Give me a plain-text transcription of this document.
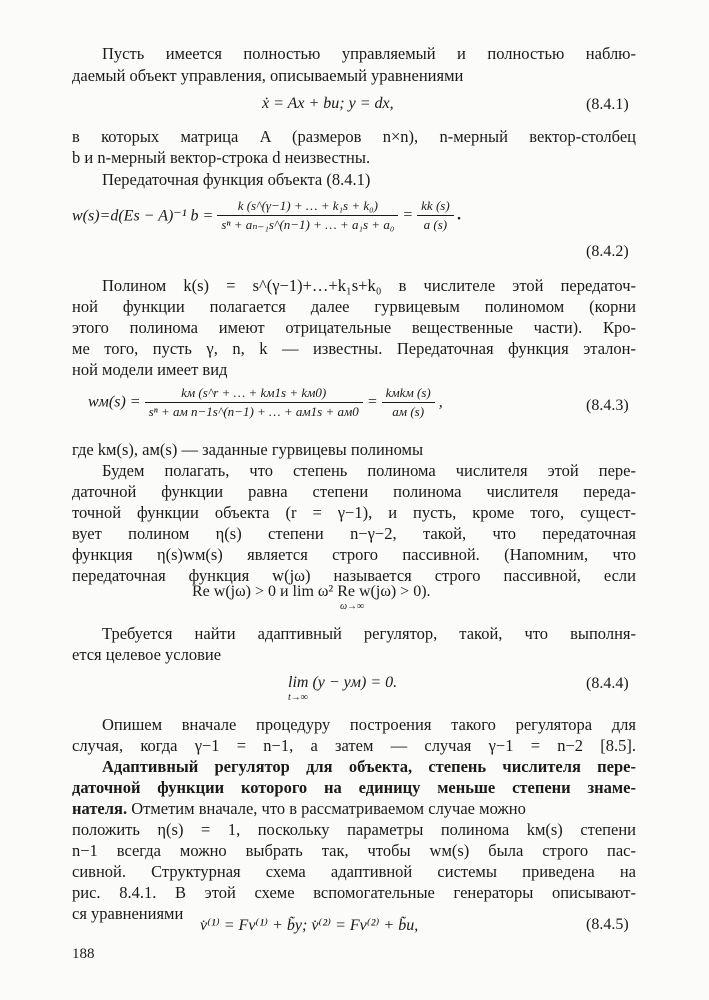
Пусть имеется полностью управляемый и полностью наблю-
даемый объект управления, описываемый уравнениями
ẋ = Ax + bu; y = dx,	(8.4.1)
в которых матрица A (размеров n×n), n-мерный вектор-столбец
b и n-мерный вектор-строка d неизвестны.
Передаточная функция объекта (8.4.1)
w(s)=d(Es − A)⁻¹ $b = \frac{\text{k (s\textasciicircum{}(γ−1) + … + k₁s + k₀)}}{\text{sⁿ + aₙ₋₁s\textasciicircum{}(n−1) + … + a₁s + a₀}} = \frac{kk (s)}{a (s)}$ .
(8.4.2)
Полином k(s) = s^(γ−1)+…+k₁s+k₀ в числителе этой передаточ-
ной функции полагается далее гурвицевым полиномом (корни
этого полинома имеют отрицательные вещественные части). Кро-
ме того, пусть γ, n, k — известны. Передаточная функция эталон-
ной модели имеет вид
$wм(s) = \frac{kм (s\^{}r + \dots + kм1s + kм0)}{\text{sⁿ + aм n−1s\textasciicircum{}(n−1) + … + aм1s + aм0}} = \frac{\text{kмkм (s)}}{aм (s)}$ ,	(8.4.3)
где kм(s), aм(s) — заданные гурвицевы полиномы
Будем полагать, что степень полинома числителя этой пере-
даточной функции равна степени полинома числителя переда-
точной функции объекта (r = γ−1), и пусть, кроме того, сущест-
вует полином η(s) степени n−γ−2, такой, что передаточная
функция η(s)wм(s) является строго пассивной. (Напомним, что
передаточная функция w(jω) называется строго пассивной, если
Re w(jω) > 0 и lim ω² Re w(jω) > 0).
ω→∞
Требуется найти адаптивный регулятор, такой, что выполня-
ется целевое условие
lim (y − yм) = 0.
t→∞
(8.4.4)
Опишем вначале процедуру построения такого регулятора для
случая, когда γ−1 = n−1, а затем — случая γ−1 = n−2 [8.5].
Адаптивный регулятор для объекта, степень числителя пере-
даточной функции которого на единицу меньше степени знаме-
нателя. Отметим вначале, что в рассматриваемом случае можно
положить η(s) = 1, поскольку параметры полинома kм(s) степени
n−1 всегда можно выбрать так, чтобы wм(s) была строго пас-
сивной. Структурная схема адаптивной системы приведена на
рис. 8.4.1. В этой схеме вспомогательные генераторы описывают-
ся уравнениями
v̇⁽¹⁾ = Fv⁽¹⁾ + b̃y; v̇⁽²⁾ = Fv⁽²⁾ + b̃u,	(8.4.5)
188
